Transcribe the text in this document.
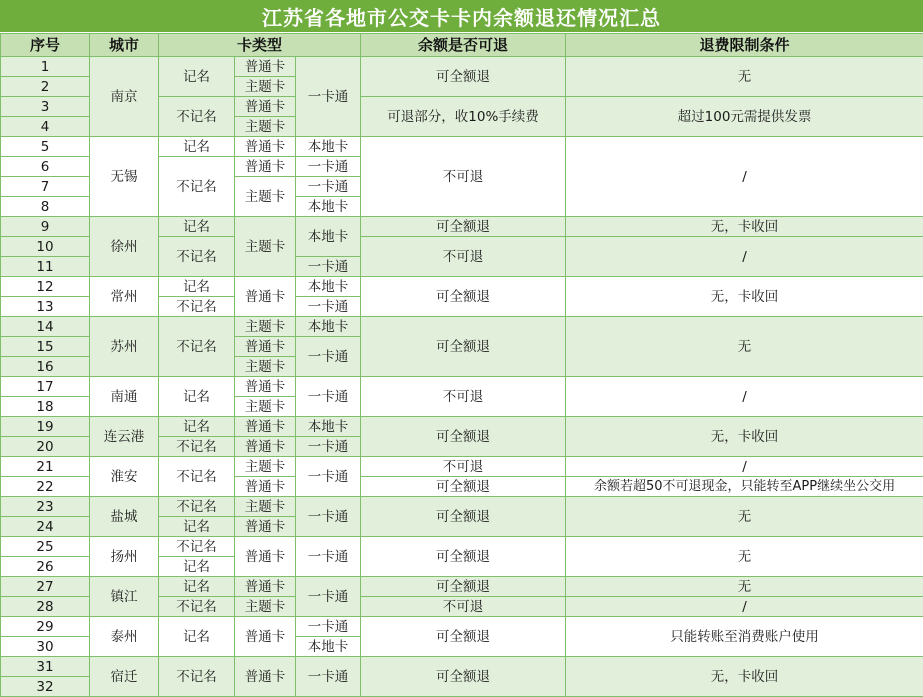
江苏省各地市公交卡卡内余额退还情况汇总
序号	城市	卡类型			余额是否可退	退费限制条件
1	南京	记名	普通卡	一卡通	可全额退	无
2			主题卡			
3		不记名	普通卡		可退部分，收10%手续费	超过100元需提供发票
4			主题卡			
5	无锡	记名	普通卡	本地卡	不可退	/
6		不记名	普通卡	一卡通		
7			主题卡	一卡通		
8				本地卡		
9	徐州	记名	主题卡	本地卡	可全额退	无，卡收回
10		不记名			不可退	/
11				一卡通		
12	常州	记名	普通卡	本地卡	可全额退	无，卡收回
13		不记名		一卡通		
14	苏州	不记名	主题卡	本地卡	可全额退	无
15			普通卡	一卡通		
16			主题卡			
17	南通	记名	普通卡	一卡通	不可退	/
18			主题卡			
19	连云港	记名	普通卡	本地卡	可全额退	无，卡收回
20		不记名	普通卡	一卡通		
21	淮安	不记名	主题卡	一卡通	不可退	/
22			普通卡		可全额退	余额若超50不可退现金，只能转至APP继续坐公交用
23	盐城	不记名	主题卡	一卡通	可全额退	无
24		记名	普通卡			
25	扬州	不记名	普通卡	一卡通	可全额退	无
26		记名				
27	镇江	记名	普通卡	一卡通	可全额退	无
28		不记名	主题卡		不可退	/
29	泰州	记名	普通卡	一卡通	可全额退	只能转账至消费账户使用
30				本地卡		
31	宿迁	不记名	普通卡	一卡通	可全额退	无，卡收回
32						
